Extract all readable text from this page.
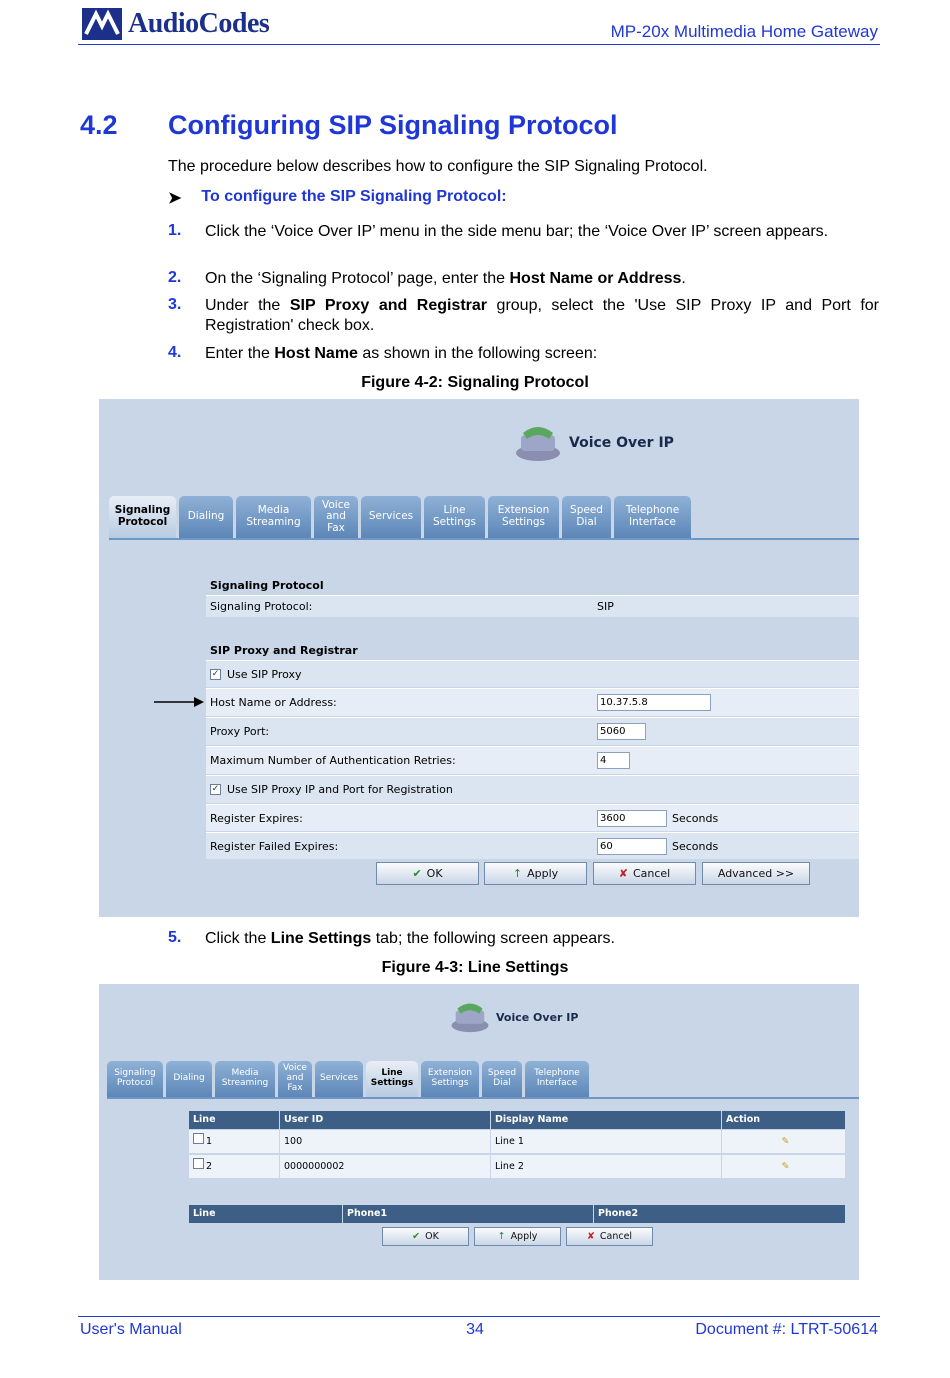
AudioCodes	MP-20x Multimedia Home Gateway
4.2 Configuring SIP Signaling Protocol
The procedure below describes how to configure the SIP Signaling Protocol.
➤ To configure the SIP Signaling Protocol:
1. Click the ‘Voice Over IP’ menu in the side menu bar; the ‘Voice Over IP’ screen appears.
2. On the ‘Signaling Protocol’ page, enter the Host Name or Address.
3. Under the SIP Proxy and Registrar group, select the 'Use SIP Proxy IP and Port for Registration' check box.
4. Enter the Host Name as shown in the following screen:
Figure 4-2: Signaling Protocol
Voice Over IP
Signaling Protocol	Dialing	Media Streaming
Voice and Fax
Services	Line Settings
Extension Settings
Speed Dial
Telephone Interface
Signaling Protocol
Signaling Protocol:	SIP
SIP Proxy and Registrar
✓ Use SIP Proxy
Host Name or Address:	10.37.5.8
Proxy Port:	5060
Maximum Number of Authentication Retries:	4
✓ Use SIP Proxy IP and Port for Registration
Register Expires:	3600	Seconds
Register Failed Expires:	60	Seconds
✔ OK	↑ Apply	✘ Cancel	Advanced >>
5. Click the Line Settings tab; the following screen appears.
Figure 4-3: Line Settings
Voice Over IP
Signaling Protocol	Dialing	Media Streaming
Voice and Fax
Services	Line Settings
Extension Settings
Speed Dial
Telephone Interface
Line	User ID	Display Name	Action
1	100	Line 1	✎
2	0000000002	Line 2	✎
Line	Phone1	Phone2
✔ OK	↑ Apply	✘ Cancel
User's Manual	34	Document #: LTRT-50614
